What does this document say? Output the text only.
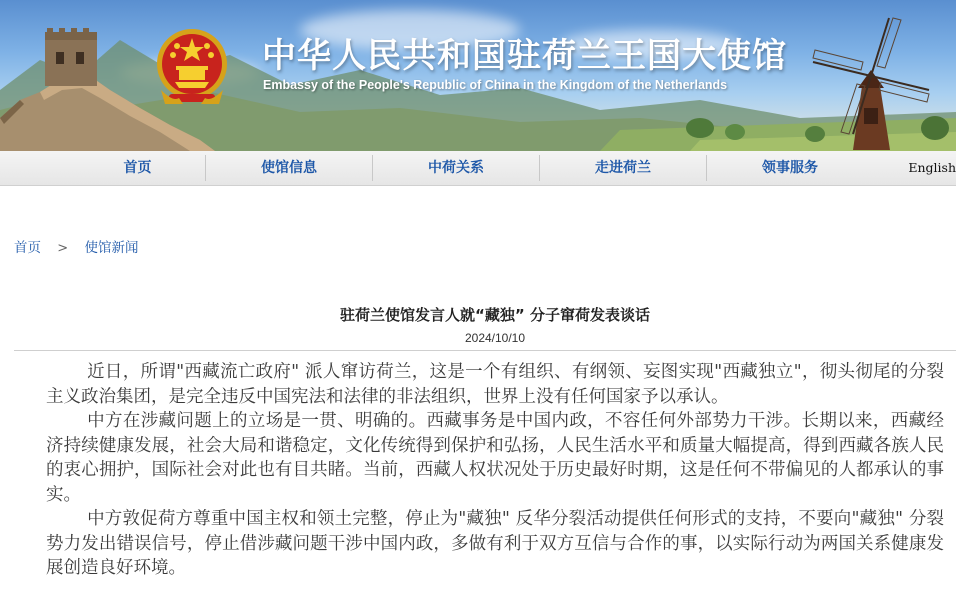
中华人民共和国驻荷兰王国大使馆
Embassy of the People's Republic of China in the Kingdom of the Netherlands
首页	使馆信息	中荷关系	走进荷兰	领事服务	English
首页 > 使馆新闻
驻荷兰使馆发言人就“藏独” 分子窜荷发表谈话
2024/10/10

近日，所谓"西藏流亡政府" 派人窜访荷兰，这是一个有组织、有纲领、妄图实现"西藏独立"，彻头彻尾的分裂主义政治集团，是完全违反中国宪法和法律的非法组织，世界上没有任何国家予以承认。

中方在涉藏问题上的立场是一贯、明确的。西藏事务是中国内政，不容任何外部势力干涉。长期以来，西藏经济持续健康发展，社会大局和谐稳定，文化传统得到保护和弘扬，人民生活水平和质量大幅提高，得到西藏各族人民的衷心拥护，国际社会对此也有目共睹。当前，西藏人权状况处于历史最好时期，这是任何不带偏见的人都承认的事实。

中方敦促荷方尊重中国主权和领土完整，停止为"藏独" 反华分裂活动提供任何形式的支持，不要向"藏独" 分裂势力发出错误信号，停止借涉藏问题干涉中国内政，多做有利于双方互信与合作的事，以实际行动为两国关系健康发展创造良好环境。
